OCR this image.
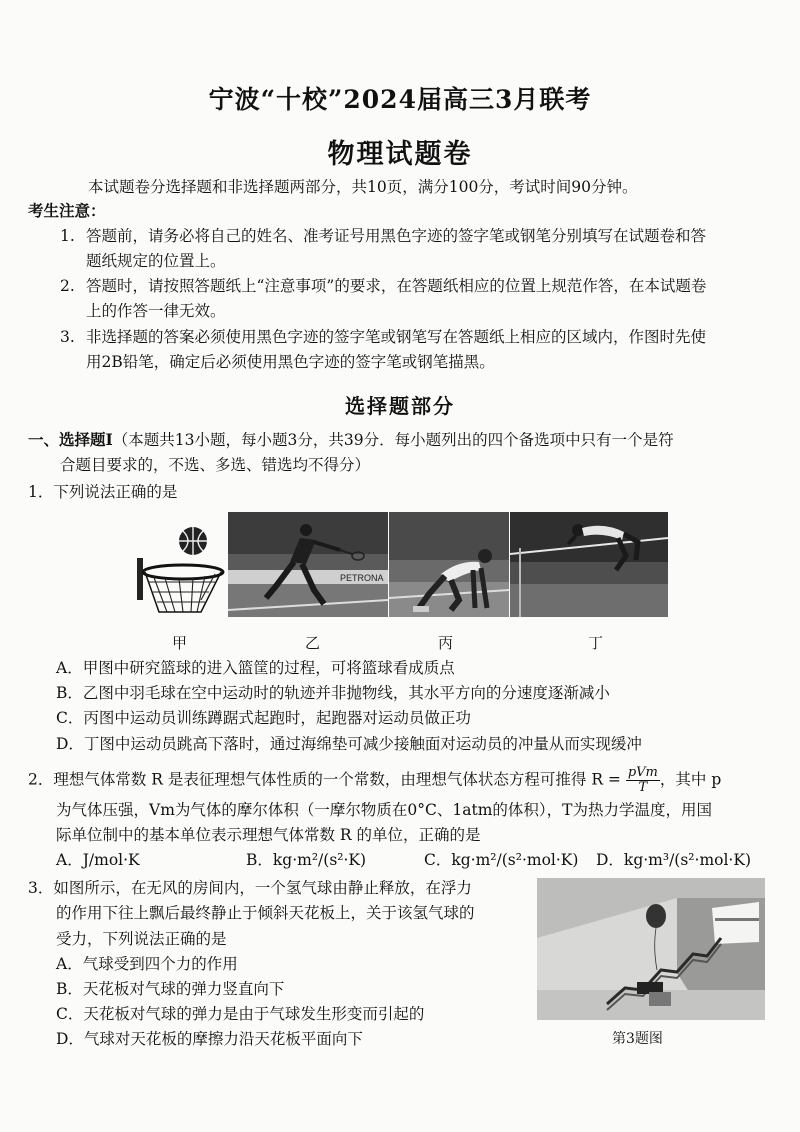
宁波“十校”2024届高三3月联考
物理试题卷
本试题卷分选择题和非选择题两部分，共10页，满分100分，考试时间90分钟。
考生注意：
1. 答题前，请务必将自己的姓名、准考证号用黑色字迹的签字笔或钢笔分别填写在试题卷和答
题纸规定的位置上。
2. 答题时，请按照答题纸上“注意事项”的要求，在答题纸相应的位置上规范作答，在本试题卷
上的作答一律无效。
3. 非选择题的答案必须使用黑色字迹的签字笔或钢笔写在答题纸上相应的区域内，作图时先使
用2B铅笔，确定后必须使用黑色字迹的签字笔或钢笔描黑。
选择题部分
一、选择题Ⅰ（本题共13小题，每小题3分，共39分．每小题列出的四个备选项中只有一个是符
合题目要求的，不选、多选、错选均不得分）
1．下列说法正确的是
PETRONA
甲	乙	丙	丁
A．甲图中研究篮球的进入篮筐的过程，可将篮球看成质点
B．乙图中羽毛球在空中运动时的轨迹并非抛物线，其水平方向的分速度逐渐减小
C．丙图中运动员训练蹲踞式起跑时，起跑器对运动员做正功
D．丁图中运动员跳高下落时，通过海绵垫可减少接触面对运动员的冲量从而实现缓冲
2．理想气体常数 R 是表征理想气体性质的一个常数，由理想气体状态方程可推得 $R = \frac{\text{pVm}}{T}$ ，其中 p
为气体压强，Vm为气体的摩尔体积（一摩尔物质在0°C、1atm的体积），T为热力学温度，用国
际单位制中的基本单位表示理想气体常数 R 的单位，正确的是
A．J/mol·K	B．kg·m²/(s²·K)	C．kg·m²/(s²·mol·K) D．kg·m³/(s²·mol·K)
3．如图所示，在无风的房间内，一个氢气球由静止释放，在浮力
的作用下往上飘后最终静止于倾斜天花板上，关于该氢气球的
受力，下列说法正确的是
A．气球受到四个力的作用
B．天花板对气球的弹力竖直向下
C．天花板对气球的弹力是由于气球发生形变而引起的
D．气球对天花板的摩擦力沿天花板平面向下	第3题图
